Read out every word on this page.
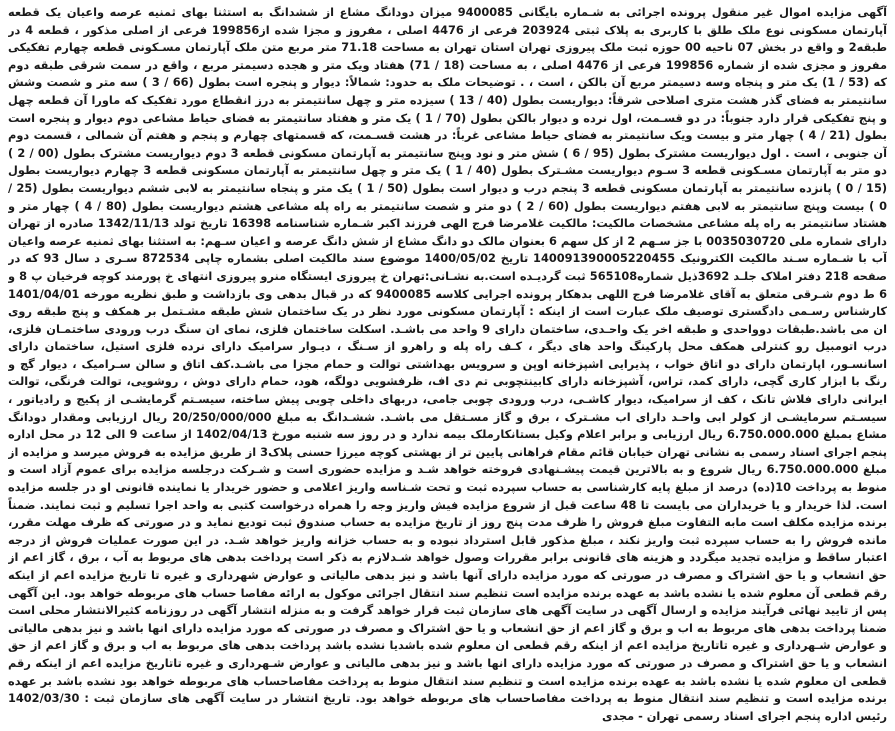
آگهی مزایده اموال غیر منقول پرونده اجرائی به شـماره بایگانی 9400085 میزان دودانگ مشاع از ششدانگ به استثنا بهای ثمنیه عرصه واعیان یک قطعه آپارتمان مسکونی نوع ملک طلق با کاربری به پلاک ثبتی 203924 فرعی از 4476 اصلی ، مفروز و مجزا شده از199856 فرعی از اصلی مذکور ، قطعه 4 در طبقه2 و واقع در بخش 07 ناحیه 00 حوزه ثبت ملک پیروزی تهران استان تهران به مساحت 71.18 متر مربع متن ملک آپارتمان مسـکونی قطعه چهارم تفکیکی مفروز و مجزی شده از شماره 199856 فرعی از 4476 اصلی ، به مساحت (18 / 71) هفتاد ویک متر و هجده دسیمتر مربع ، واقع در سمت شرقی طبقه دوم که (53 / 1) یک متر و پنجاه وسه دسیمتر مربع آن بالکن ، است ، . توضیحات ملک به حدود: شمالاً: دیوار و پنجره است بطول (66 / 3 ) سه متر و شصت وشش سانتیمتر به فضای گذر هشت متری اصلاحی شرقاً: دیواریست بطول (40 / 13 ) سیزده متر و چهل سانتیمتر به درز انقطاع مورد تفکیک که ماورا آن قطعه چهل و پنج تفکیکی قرار دارد جنوباً: در دو قسـمت، اول نرده و دیوار بالکن بطول (70 / 1 ) یک متر و هفتاد سانتیمتر به فضای حیاط مشاعی دوم دیوار و پنجره است بطول (21 / 4 ) چهار متر و بیست ویک سانتیمتر به فضای حیاط مشاعی غرباً: در هشت قسـمت، که قسمتهای چهارم و پنجم و هفتم آن شمالی ، قسمت دوم آن جنوبی ، است . اول دیواریست مشترک بطول (95 / 6 ) شش متر و نود وپنج سانتیمتر به آپارتمان مسکونی قطعه 3 دوم دیواریست مشترک بطول (00 / 2 ) دو متر به آپارتمان مسـکونی قطعه 3 سـوم دیواریست مشـترک بطول (40 / 1 ) یک متر و چهل سانتیمتر به آپارتمان مسکونی قطعه 3 چهارم دیواریست بطول (15 / 0 ) پانزده سانتیمتر به آپارتمان مسکونی قطعه 3 پنجم درب و دیوار است بطول (50 / 1 ) یک متر و پنجاه سانتیمتر به لابی ششم دیواریست بطول (25 / 0 ) بیست وپنج سانتیمتر به لابی هفتم دیواریست بطول (60 / 2 ) دو متر و شصت سانتیمتر به راه پله مشاعی هشتم دیواریست بطول (80 / 4 ) چهار متر و هشتاد سانتیمتر به راه پله مشاعی مشخصات مالکیت: مالکیت غلامرضا فرج الهی فرزند اکبر شـماره شناسنامه 16398 تاریخ تولد 1342/11/13 صادره از تهران دارای شماره ملی 0035030720 با جز سـهم 2 از کل سهم 6 بعنوان مالک دو دانگ مشاع از شش دانگ عرصه و اعیان سـهم: به استثنا بهای ثمنیه عرصه واعیان آب با شـماره سـند مالکیت الکترونیک 140091390005220455 تاریخ 1400/05/02 موضوع سند مالکیت اصلی بشماره چاپی 872534 سـری د سال 93 که در صفحه 218 دفتر املاک جلـد 3692ذیل شماره565108 ثبت گردیـده است.به نشـانی:تهران خ پیروزی ایستگاه منرو پیروزی انتهای خ پورمند کوچه فرخیان پ 8 و 6 ط دوم شـرقی متعلق به آقای غلامرضا فرج اللهی بدهکار پرونده اجرایی کلاسه 9400085 که در قبال بدهی وی بازداشت و طبق نظریه مورخه 1401/04/01 کارشناس رسـمی دادگستری توصیف ملک عبارت است از اینکه : آپارتمان مسکونی مورد نظر در یک ساختمان شش طبقه مشـتمل بر همکف و پنج طبقه روی ان می باشد.طبقات دوواحدی و طبقه اخر یک واحـدی، ساختمان دارای 9 واحد می باشـد. اسکلت ساختمان فلزی، نمای ان سنگ درب ورودی ساختمـان فلزی، درب اتومبیل رو کنترلی همکف محل پارکینگ واحد های دیگر ، کـف راه پله و راهرو از سـنگ ، دیـوار سرامیک دارای نرده فلزی استیل، ساختمان دارای اسانسـور، اپارتمان دارای دو اتاق خواب ، پذیرایی اشپزخانه اوپن و سرویس بهداشتی توالت و حمام مجزا می باشـد.کف اتاق و سالن سـرامیک ، دیوار گچ و رنگ با ابزار کاری گچی، دارای کمد، تراس، آشپزخانه دارای کابینتچوبی تم دی اف، ظرفشویی دولگه، هود، حمام دارای دوش ، روشویی، توالت فرنگی، توالت ایرانی دارای فلاش تانک ، کف از سرامیک، دیوار کاشـی، درب ورودی چوبی جامی، دربهای داخلی چوبی پیش ساخته، سیسـتم گرمایشـی از پکیج و رادیاتور ، سیسـتم سرمایشـی از کولر ابی واحـد دارای اب مشـترک ، برق و گاز مسـتقل می باشـد. ششـدانگ به مبلغ 20/250/000/000 ریال ارزیابی ومقدار دودانگ مشاع بمبلغ 6.750.000.000 ریال ارزیابی و برابر اعلام وکیل بستانکارملک بیمه ندارد و در روز سه شنبه مورخ 1402/04/13 از ساعت 9 الی 12 در محل اداره پنجم اجرای اسناد رسمی به نشانی تهران خیابان قائم مقام فراهانی پایین تر از بهشتی کوچه میرزا حسنی پلاک3 از طریق مزایده به فروش میرسد و مزایده از مبلغ 6.750.000.000 ریال شروع و به بالاترین قیمت پیشـنهادی فروخته خواهد شـد و مزایده حضوری است و شـرکت درجلسه مزایده برای عموم آزاد است و منوط به پرداخت 10(ده) درصد از مبلغ پایه کارشناسی به حساب سپرده ثبت و تحت شـناسه واریز اعلامی و حضور خریدار یا نماینده قانونی او در جلسه مزایده است. لذا خریدار و یا خریداران می بایست تا 48 ساعت قبل از شروع مزایده فیش واریز وجه را همراه درخواست کتبی به واحد اجرا تسلیم و ثبت نمایند. ضمناً برنده مزایده مکلف است مابه التفاوت مبلغ فروش را ظرف مدت پنج روز از تاریخ مزایده به حساب صندوق ثبت تودیع نماید و در صورتی که ظرف مهلت مقرر، مانده فروش را به حساب سپرده ثبت واریز نکند ، مبلغ مذکور قابل استرداد نبوده و به حساب خزانه واریز خواهد شـد. در این صورت عملیات فروش از درجه اعتبار ساقط و مزایده تجدید میگردد و هزینه های قانونی برابر مقررات وصول خواهد شـدلازم به ذکر است پرداخت بدهی های مربوط به آب ، برق ، گاز اعم از حق انشعاب و یا حق اشتراک و مصرف در صورتی که مورد مزایده دارای آنها باشد و نیز بدهی مالیاتی و عوارض شهرداری و غیره تا تاریخ مزایده اعم از اینکه رقم قطعی آن معلوم شده یا نشده باشد به عهده برنده مزایده است تنظیم سند انتقال اجرائی موکول به ارائه مفاصا حساب های مربوطه خواهد بود. این آگهی پس از تایید نهائی فرآیند مزایده و ارسال آگهی در سایت آگهی های سازمان ثبت قرار خواهد گرفت و به منزله انتشار آگهی در روزنامه کثیرالانتشار محلی است ضمنا پرداخت بدهی های مربوط به اب و برق و گاز اعم از حق انشعاب و یا حق اشتراک و مصرف در صورتی که مورد مزایده دارای انها باشد و نیز بدهی مالیاتی و عوارض شـهرداری و غیره تاتاریخ مزایده اعم از اینکه رقم قطعی ان معلوم شده باشدیا نشده باشد پرداخت بدهی های مربوط به اب و برق و گاز اعم از حق انشعاب و یا حق اشتراک و مصرف در صورتی که مورد مزایده دارای انها باشد و نیز بدهی مالیاتی و عوارض شـهرداری و غیره تاتاریخ مزایده اعم از اینکه رقم قطعی ان معلوم شده یا نشده باشد به عهده برنده مزایده است و تنظیم سند انتقال منوط به پرداخت مفاصاحساب های مربوطه خواهد بود نشده باشد بر عهده برنده مزایده است و تنظیم سند انتقال منوط به پرداخت مفاصاحساب های مربوطه خواهد بود. تاریخ انتشار در سایت آگهی های سازمان ثبت : 1402/03/30 رئیس اداره پنجم اجرای اسناد رسمی تهران - مجدی
